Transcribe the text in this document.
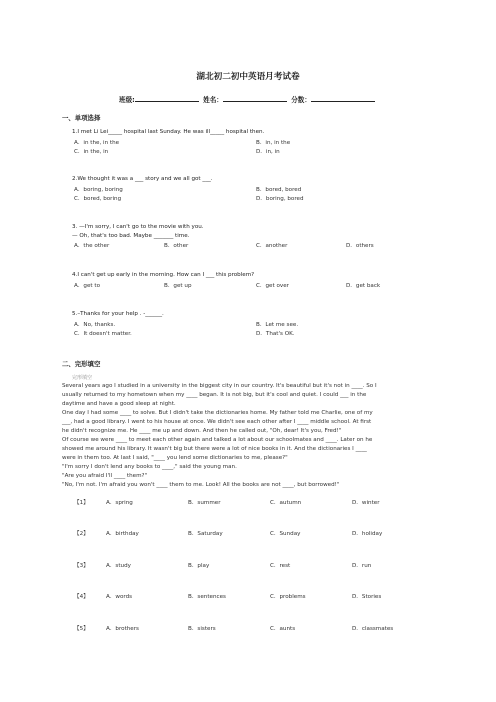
湖北初二初中英语月考试卷
班级:	姓名：	分数：
一、单项选择
1.I met Li Lei_____ hospital last Sunday. He was ill_____ hospital then.
A．in the, in the	B．in, in the
C．in the, in	D．in, in
2.We thought it was a ___ story and we all got ___.
A．boring, boring	B．bored, bored
C．bored, boring	D．boring, bored
3. —I'm sorry, I can't go to the movie with you.
— Oh, that's too bad. Maybe _______ time.
A．the other	B．other	C．another	D．others
4.I can't get up early in the morning. How can I ___ this problem?
A．get to	B．get up	C．get over	D．get back
5.–Thanks for your help . -______.
A．No, thanks.	B．Let me see.
C．It doesn't matter.	D．That's OK.
二、完形填空
完形填空
Several years ago I studied in a university in the biggest city in our country. It's beautiful but it's not in ____. So I
usually returned to my hometown when my ____ began. It is not big, but it's cool and quiet. I could ___ in the
daytime and have a good sleep at night.
One day I had some ____ to solve. But I didn't take the dictionaries home. My father told me Charlie, one of my
___, had a good library. I went to his house at once. We didn't see each other after I ____ middle school. At first
he didn't recognize me. He ____ me up and down. And then he called out, "Oh, dear! It's you, Fred!"
Of course we were ____ to meet each other again and talked a lot about our schoolmates and ____. Later on he
showed me around his library. It wasn't big but there were a lot of nice books in it. And the dictionaries I ____
were in them too. At last I said, "____ you lend some dictionaries to me, please?"
"I'm sorry I don't lend any books to ____," said the young man.
"Are you afraid I'll ____ them?"
"No, I'm not. I'm afraid you won't ____ them to me. Look! All the books are not ____, but borrowed!"
【1】	A．spring	B．summer	C．autumn	D．winter
【2】	A．birthday	B．Saturday	C．Sunday	D．holiday
【3】	A．study	B．play	C．rest	D．run
【4】	A．words	B．sentences	C．problems	D．Stories
【5】	A．brothers	B．sisters	C．aunts	D．classmates
